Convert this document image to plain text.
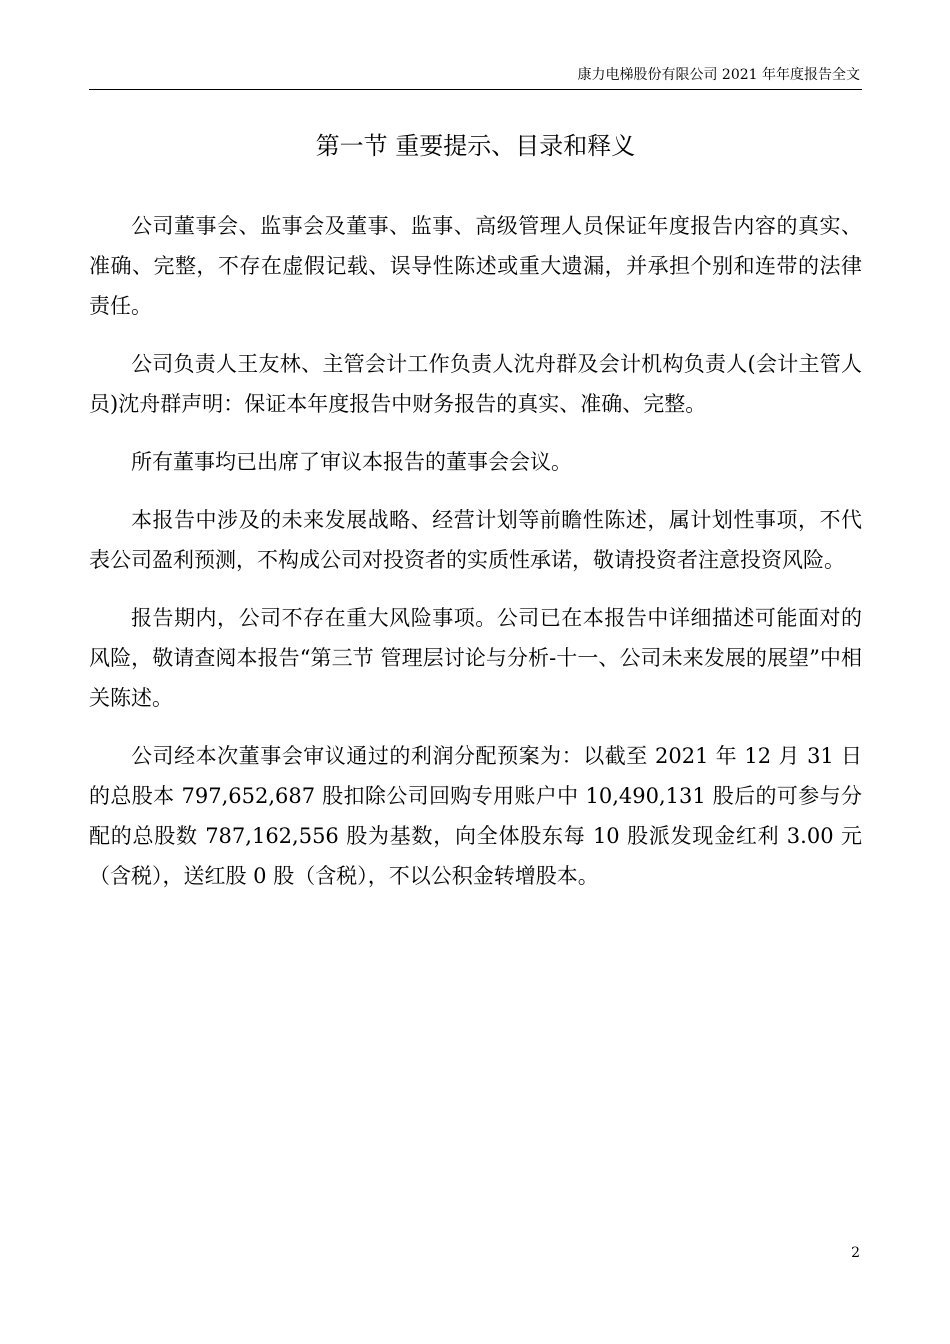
康力电梯股份有限公司 2021 年年度报告全文
第一节 重要提示、目录和释义

公司董事会、监事会及董事、监事、高级管理人员保证年度报告内容的真实、准确、完整，不存在虚假记载、误导性陈述或重大遗漏，并承担个别和连带的法律责任。

公司负责人王友林、主管会计工作负责人沈舟群及会计机构负责人(会计主管人员)沈舟群声明：保证本年度报告中财务报告的真实、准确、完整。

所有董事均已出席了审议本报告的董事会会议。

本报告中涉及的未来发展战略、经营计划等前瞻性陈述，属计划性事项，不代表公司盈利预测，不构成公司对投资者的实质性承诺，敬请投资者注意投资风险。

报告期内，公司不存在重大风险事项。公司已在本报告中详细描述可能面对的风险，敬请查阅本报告“第三节 管理层讨论与分析-十一、公司未来发展的展望”中相关陈述。

公司经本次董事会审议通过的利润分配预案为：以截至 2021 年 12 月 31 日的总股本 797,652,687 股扣除公司回购专用账户中 10,490,131 股后的可参与分配的总股数 787,162,556 股为基数，向全体股东每 10 股派发现金红利 3.00 元（含税），送红股 0 股（含税），不以公积金转增股本。

2
